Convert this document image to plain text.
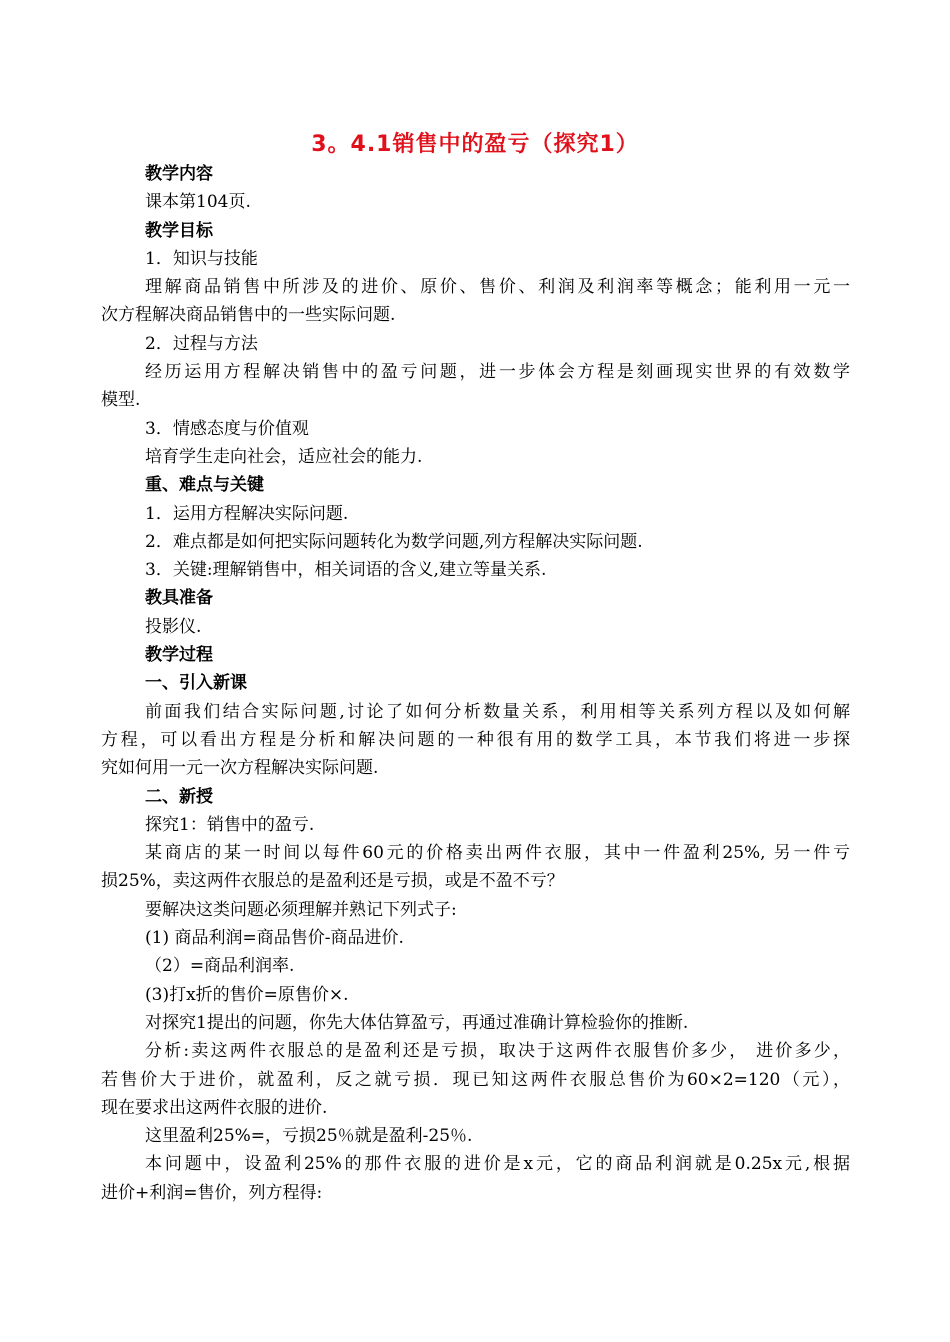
3。4.1销售中的盈亏（探究1）
教学内容
课本第104页.
教学目标
1．知识与技能
理解商品销售中所涉及的进价、原价、售价、利润及利润率等概念；能利用一元一
次方程解决商品销售中的一些实际问题.
2．过程与方法
经历运用方程解决销售中的盈亏问题，进一步体会方程是刻画现实世界的有效数学
模型.
3．情感态度与价值观
培育学生走向社会，适应社会的能力.
重、难点与关键
1．运用方程解决实际问题.
2．难点都是如何把实际问题转化为数学问题,列方程解决实际问题.
3．关键:理解销售中，相关词语的含义,建立等量关系.
教具准备
投影仪.
教学过程
一、引入新课
前面我们结合实际问题,讨论了如何分析数量关系，利用相等关系列方程以及如何解
方程，可以看出方程是分析和解决问题的一种很有用的数学工具，本节我们将进一步探
究如何用一元一次方程解决实际问题.
二、新授
探究1：销售中的盈亏.
某商店的某一时间以每件60元的价格卖出两件衣服，其中一件盈利25%, 另一件亏
损25%，卖这两件衣服总的是盈利还是亏损，或是不盈不亏？
要解决这类问题必须理解并熟记下列式子:
(1) 商品利润=商品售价-商品进价.
（2）=商品利润率.
(3)打x折的售价=原售价×.
对探究1提出的问题，你先大体估算盈亏，再通过准确计算检验你的推断.
分析:卖这两件衣服总的是盈利还是亏损，取决于这两件衣服售价多少， 进价多少，
若售价大于进价，就盈利，反之就亏损．现已知这两件衣服总售价为60×2=120（元），
现在要求出这两件衣服的进价.
这里盈利25%=，亏损25％就是盈利-25％.
本问题中，设盈利25%的那件衣服的进价是x元，它的商品利润就是0.25x元,根据
进价+利润=售价，列方程得:
